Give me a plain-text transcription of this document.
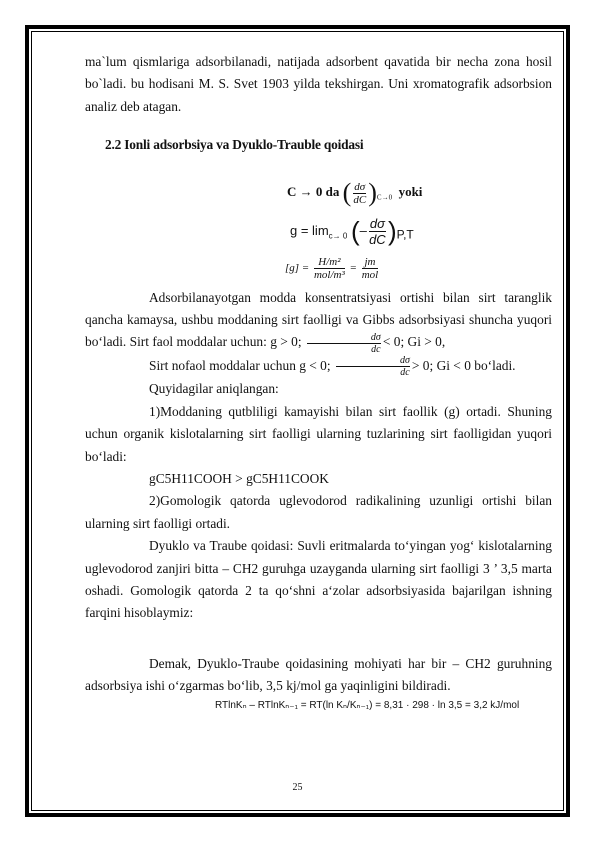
ma`lum qismlariga adsorbilanadi, natijada adsorbent qavatida bir necha zona hosil bo`ladi. bu hodisani M. S. Svet 1903 yilda tekshirgan. Uni xromatografik adsorbsion analiz deb atagan.

2.2 Ionli adsorbsiya va Dyuklo-Trauble qoidasi

Adsorbilanayotgan modda konsentratsiyasi ortishi bilan sirt taranglik qancha kamaysa, ushbu moddaning sirt faolligi va Gibbs adsorbsiyasi shuncha yuqori bo‘ladi. Sirt faol moddalar uchun: g > 0; $\frac{d\sigma}{dc} < 0$; Gi > 0,

Sirt nofaol moddalar uchun g < 0; $\frac{d\sigma}{dc} > 0$; Gi < 0 bo‘ladi.

Quyidagilar aniqlangan:

1)Moddaning qutbliligi kamayishi bilan sirt faollik (g) ortadi. Shuning uchun organik kislotalarning sirt faolligi ularning tuzlarining sirt faolligidan yuqori bo‘ladi:

gC5H11COOH > gC5H11COOK

2)Gomologik qatorda uglevodorod radikalining uzunligi ortishi bilan ularning sirt faolligi ortadi.

Dyuklo va Traube qoidasi: Suvli eritmalarda to‘yingan yog‘ kislotalarning uglevodorod zanjiri bitta – CH2 guruhga uzayganda ularning sirt faolligi 3 ’ 3,5 marta oshadi. Gomologik qatorda 2 ta qo‘shni a‘zolar adsorbsiyasida bajarilgan ishning farqini hisoblaymiz:

Demak, Dyuklo-Traube qoidasining mohiyati har bir – CH2 guruhning adsorbsiya ishi o‘zgarmas bo‘lib, 3,5 kj/mol ga yaqinligini bildiradi.

C → 0 da ( $\frac{d\sigma}{dC} )_{C\to 0}$ yoki
$g = \lim_{c\to 0}$ (– $\frac{d\sigma}{dC} )_{P,T}$
$[g] = \frac{\text{H/m²}}{\text{mol/m³}} = \frac{jm}{\text{mol}}$
RTlnKₙ – RTlnKₙ₋₁ = RT(ln Kₙ/Kₙ₋₁) = 8,31 · 298 · ln 3,5 = 3,2 kJ/mol
25
